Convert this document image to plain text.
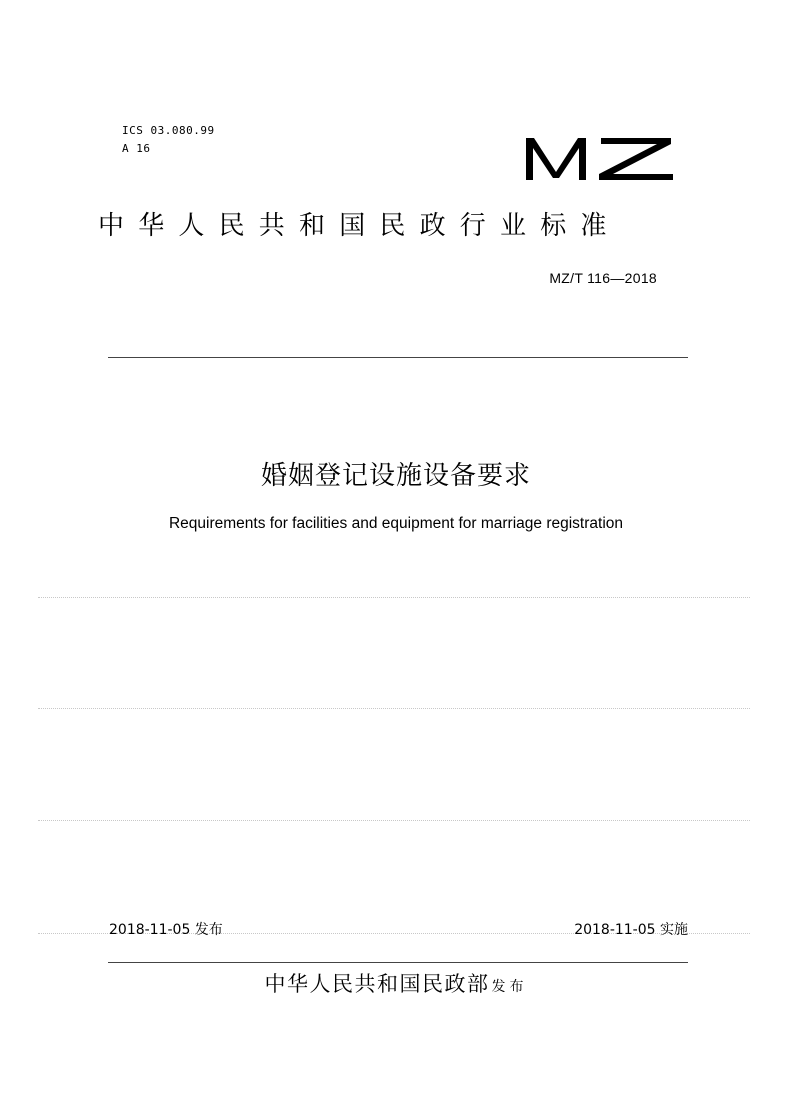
ICS 03.080.99
A 16
中华人民共和国民政行业标准
MZ/T 116—2018
婚姻登记设施设备要求
Requirements for facilities and equipment for marriage registration
2018-11-05 发布	2018-11-05 实施
中华人民共和国民政部 发布
